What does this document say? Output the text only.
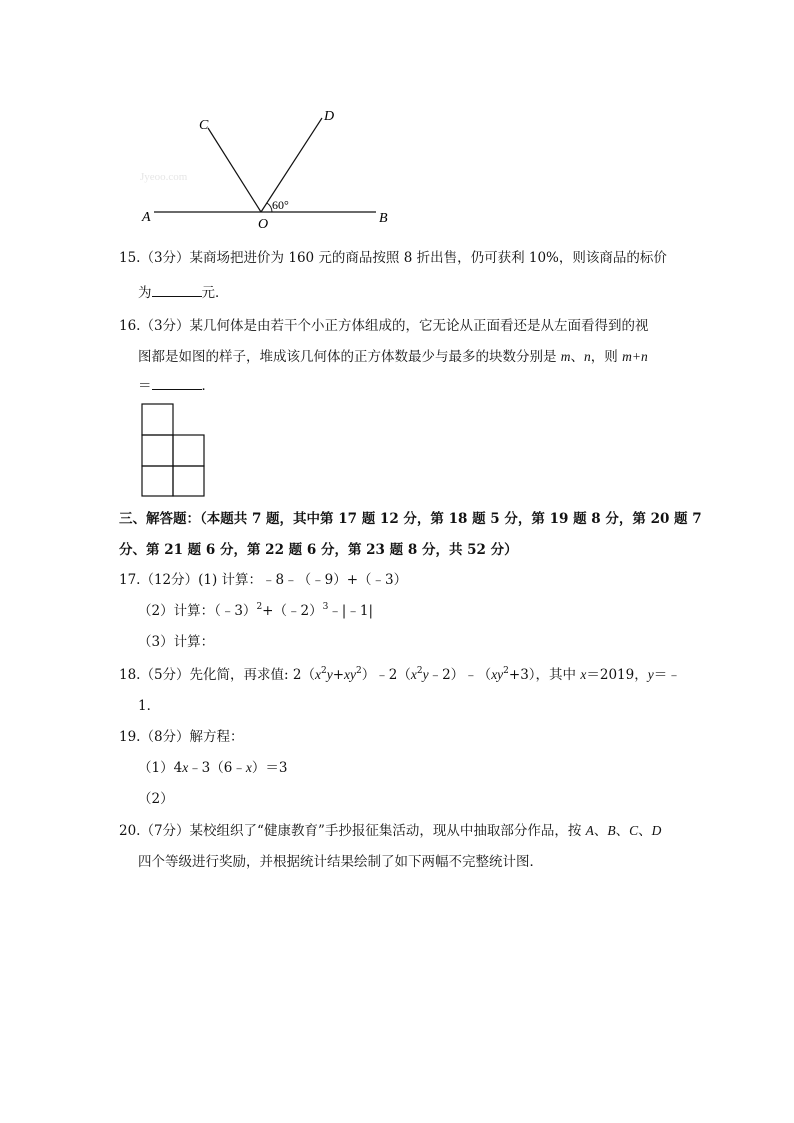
Jyeoo.com
C
D
A	O	B
60°
15.（3分）某商场把进价为 160 元的商品按照 8 折出售，仍可获利 10%，则该商品的标价
为	元．
16.（3分）某几何体是由若干个小正方体组成的，它无论从正面看还是从左面看得到的视
图都是如图的样子，堆成该几何体的正方体数最少与最多的块数分别是 m、n，则 m+n
＝	．
三、解答题：（本题共 7 题，其中第 17 题 12 分，第 18 题 5 分，第 19 题 8 分，第 20 题 7
分、第 21 题 6 分，第 22 题 6 分，第 23 题 8 分，共 52 分）
17.（12分）(1) 计算：﹣8﹣（﹣9）+（﹣3）
（2）计算：（﹣3）$^2$+（﹣2）$^3$﹣|﹣1|
（3）计算：
18.（5分）先化简，再求值: $2(x^2y+xy^2)﹣2(x^2y﹣2)﹣(xy^2+3)$，其中 x＝2019，y＝﹣
1．
19.（8分）解方程：
（1）4x﹣3（6﹣x）＝3
（2）
20.（7分）某校组织了“健康教育”手抄报征集活动，现从中抽取部分作品，按 A、B、C、D
四个等级进行奖励，并根据统计结果绘制了如下两幅不完整统计图．
